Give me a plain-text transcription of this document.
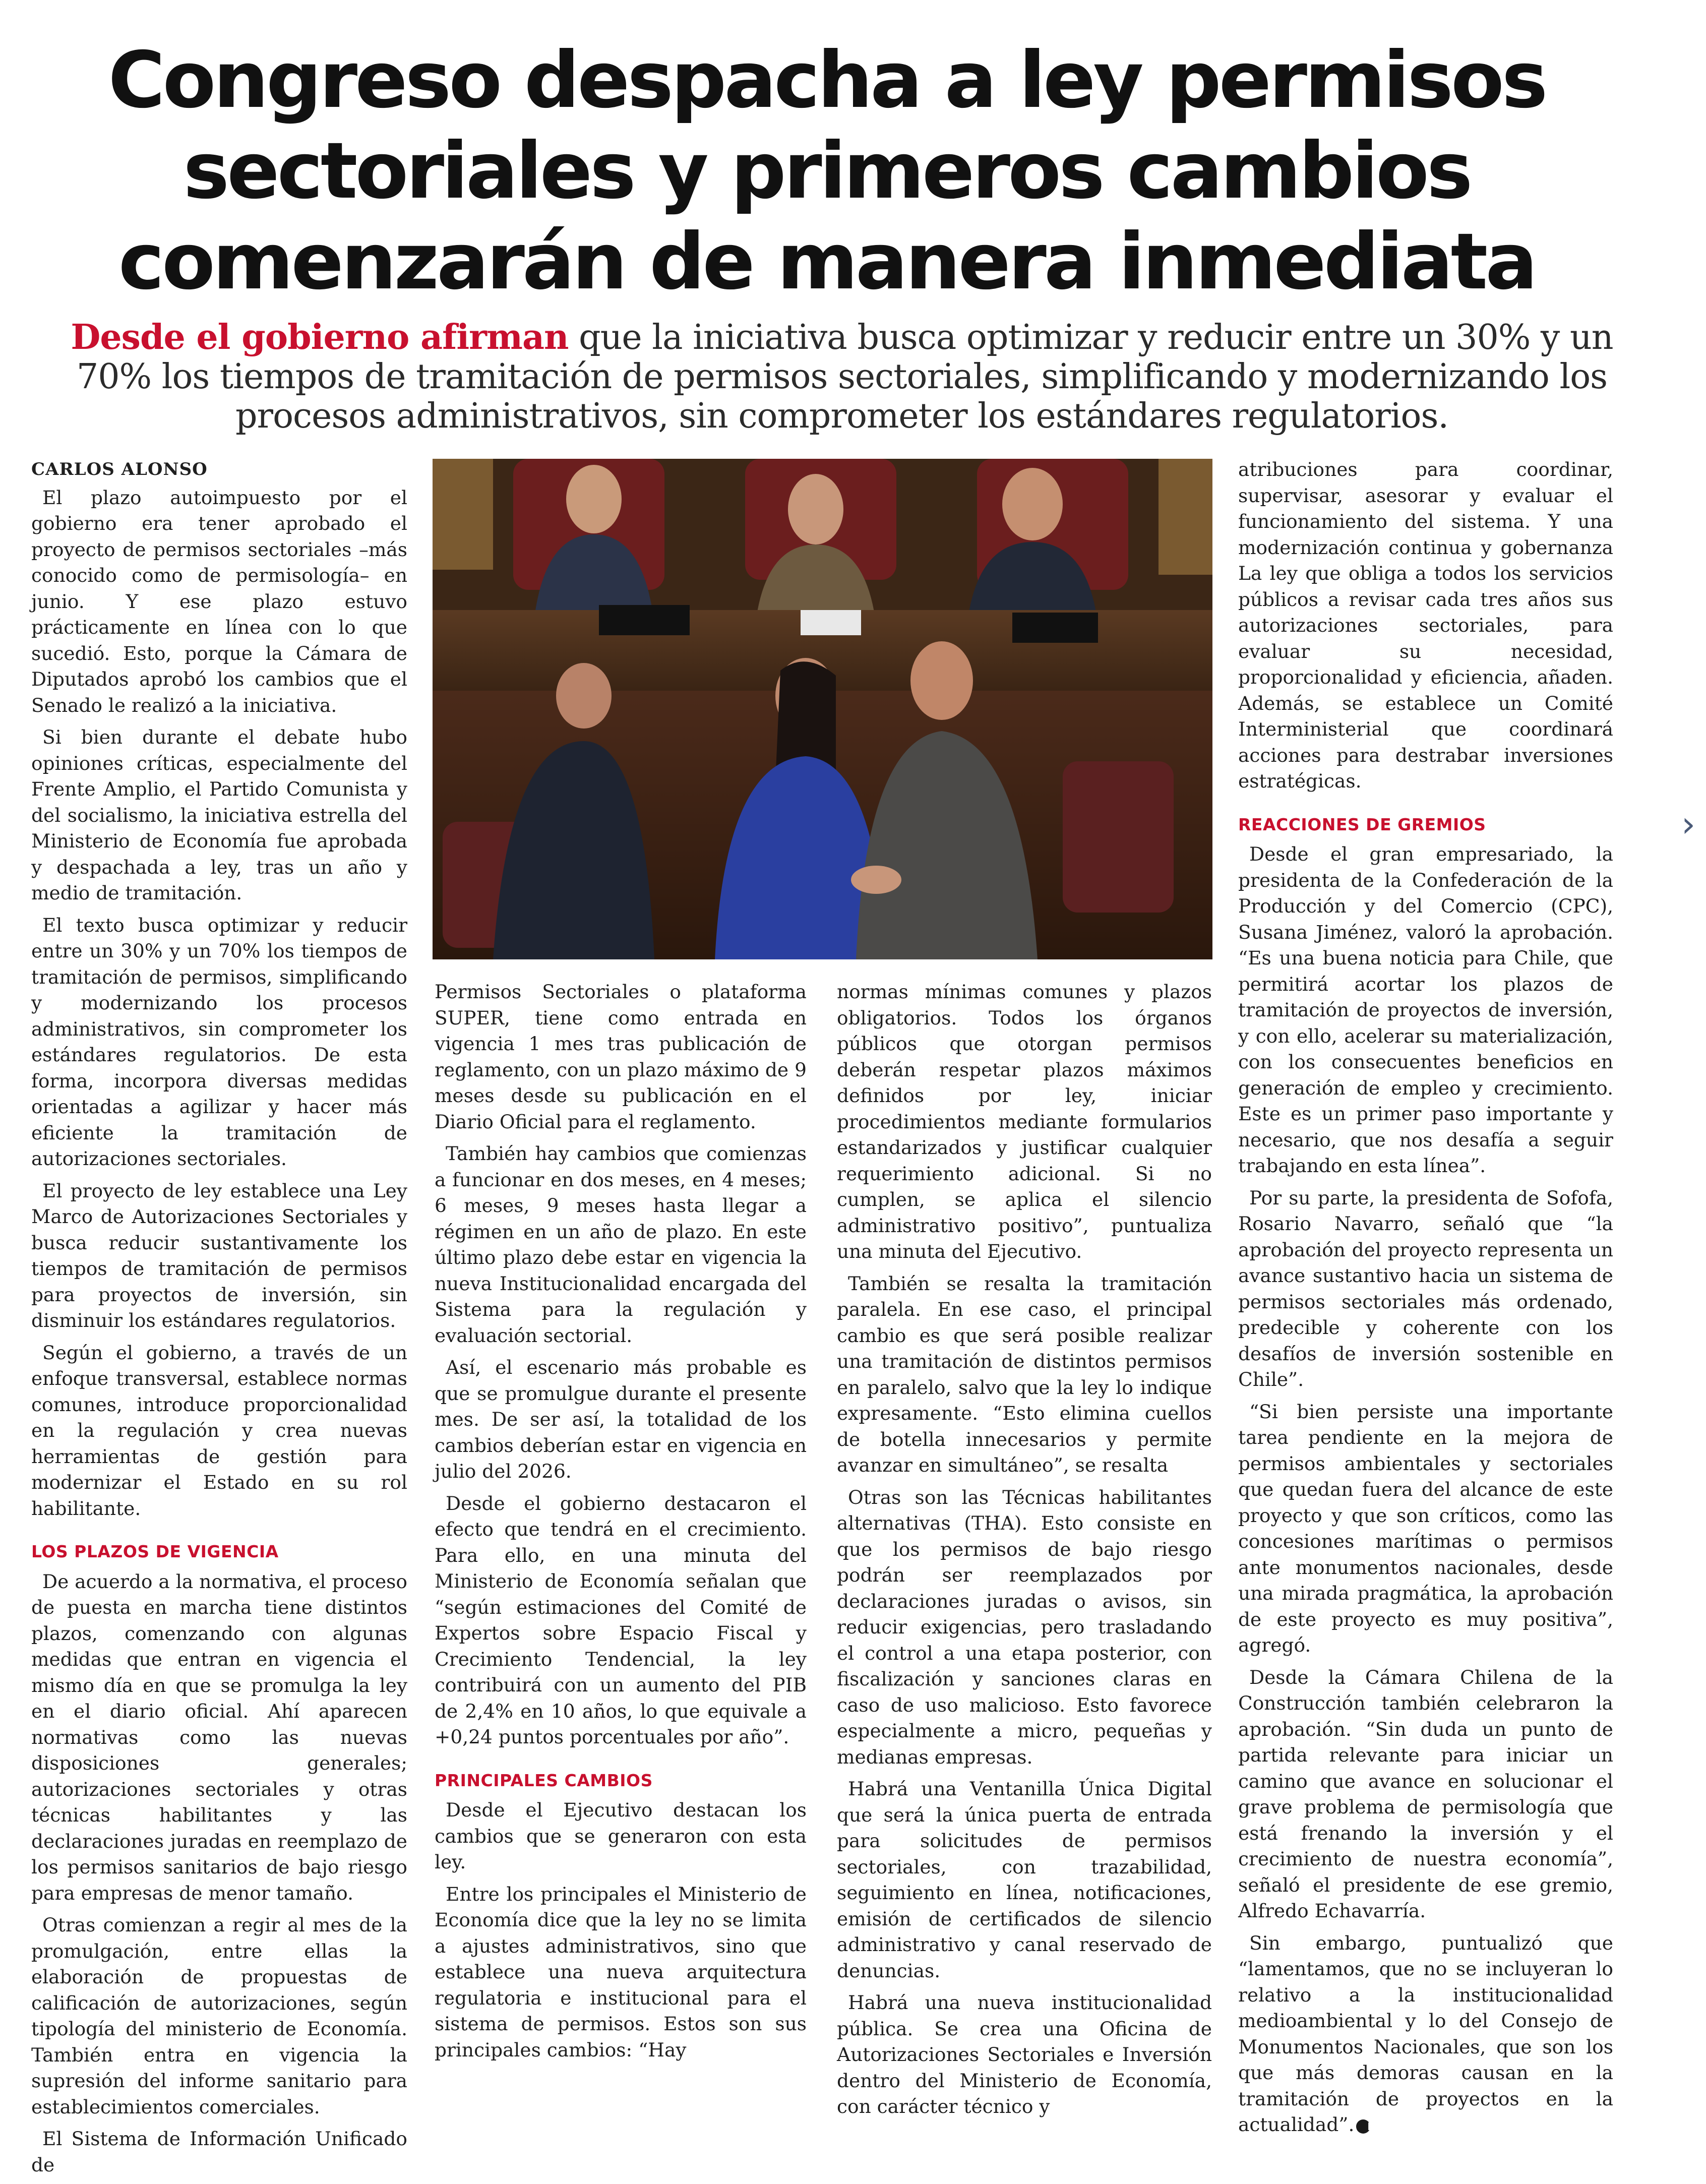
Congreso despacha a ley permisos sectoriales y primeros cambios comenzarán de manera inmediata

Desde el gobierno afirman que la iniciativa busca optimizar y reducir entre un 30% y un 70% los tiempos de tramitación de permisos sectoriales, simplificando y modernizando los procesos administrativos, sin comprometer los estándares regulatorios.

CARLOS ALONSO

El plazo autoimpuesto por el gobierno era tener aprobado el proyecto de permisos sectoriales –más conocido como de permisología– en junio. Y ese plazo estuvo prácticamente en línea con lo que sucedió. Esto, porque la Cámara de Diputados aprobó los cambios que el Senado le realizó a la iniciativa.

Si bien durante el debate hubo opiniones críticas, especialmente del Frente Amplio, el Partido Comunista y del socialismo, la iniciativa estrella del Ministerio de Economía fue aprobada y despachada a ley, tras un año y medio de tramitación.

El texto busca optimizar y reducir entre un 30% y un 70% los tiempos de tramitación de permisos, simplificando y modernizando los procesos administrativos, sin comprometer los estándares regulatorios. De esta forma, incorpora diversas medidas orientadas a agilizar y hacer más eficiente la tramitación de autorizaciones sectoriales.

El proyecto de ley establece una Ley Marco de Autorizaciones Sectoriales y busca reducir sustantivamente los tiempos de tramitación de permisos para proyectos de inversión, sin disminuir los estándares regulatorios.

Según el gobierno, a través de un enfoque transversal, establece normas comunes, introduce proporcionalidad en la regulación y crea nuevas herramientas de gestión para modernizar el Estado en su rol habilitante.

LOS PLAZOS DE VIGENCIA

De acuerdo a la normativa, el proceso de puesta en marcha tiene distintos plazos, comenzando con algunas medidas que entran en vigencia el mismo día en que se promulga la ley en el diario oficial. Ahí aparecen normativas como las nuevas disposiciones generales; autorizaciones sectoriales y otras técnicas habilitantes y las declaraciones juradas en reemplazo de los permisos sanitarios de bajo riesgo para empresas de menor tamaño.

Otras comienzan a regir al mes de la promulgación, entre ellas la elaboración de propuestas de calificación de autorizaciones, según tipología del ministerio de Economía. También entra en vigencia la supresión del informe sanitario para establecimientos comerciales.

El Sistema de Información Unificado de

Permisos Sectoriales o plataforma SUPER, tiene como entrada en vigencia 1 mes tras publicación de reglamento, con un plazo máximo de 9 meses desde su publicación en el Diario Oficial para el reglamento.

También hay cambios que comienzas a funcionar en dos meses, en 4 meses; 6 meses, 9 meses hasta llegar a régimen en un año de plazo. En este último plazo debe estar en vigencia la nueva Institucionalidad encargada del Sistema para la regulación y evaluación sectorial.

Así, el escenario más probable es que se promulgue durante el presente mes. De ser así, la totalidad de los cambios deberían estar en vigencia en julio del 2026.

Desde el gobierno destacaron el efecto que tendrá en el crecimiento. Para ello, en una minuta del Ministerio de Economía señalan que “según estimaciones del Comité de Expertos sobre Espacio Fiscal y Crecimiento Tendencial, la ley contribuirá con un aumento del PIB de 2,4% en 10 años, lo que equivale a +0,24 puntos porcentuales por año”.

PRINCIPALES CAMBIOS

Desde el Ejecutivo destacan los cambios que se generaron con esta ley.

Entre los principales el Ministerio de Economía dice que la ley no se limita a ajustes administrativos, sino que establece una nueva arquitectura regulatoria e institucional para el sistema de permisos. Estos son sus principales cambios: “Hay

normas mínimas comunes y plazos obligatorios. Todos los órganos públicos que otorgan permisos deberán respetar plazos máximos definidos por ley, iniciar procedimientos mediante formularios estandarizados y justificar cualquier requerimiento adicional. Si no cumplen, se aplica el silencio administrativo positivo”, puntualiza una minuta del Ejecutivo.

También se resalta la tramitación paralela. En ese caso, el principal cambio es que será posible realizar una tramitación de distintos permisos en paralelo, salvo que la ley lo indique expresamente. “Esto elimina cuellos de botella innecesarios y permite avanzar en simultáneo”, se resalta

Otras son las Técnicas habilitantes alternativas (THA). Esto consiste en que los permisos de bajo riesgo podrán ser reemplazados por declaraciones juradas o avisos, sin reducir exigencias, pero trasladando el control a una etapa posterior, con fiscalización y sanciones claras en caso de uso malicioso. Esto favorece especialmente a micro, pequeñas y medianas empresas.

Habrá una Ventanilla Única Digital que será la única puerta de entrada para solicitudes de permisos sectoriales, con trazabilidad, seguimiento en línea, notificaciones, emisión de certificados de silencio administrativo y canal reservado de denuncias.

Habrá una nueva institucionalidad pública. Se crea una Oficina de Autorizaciones Sectoriales e Inversión dentro del Ministerio de Economía, con carácter técnico y

atribuciones para coordinar, supervisar, asesorar y evaluar el funcionamiento del sistema. Y una modernización continua y gobernanza La ley que obliga a todos los servicios públicos a revisar cada tres años sus autorizaciones sectoriales, para evaluar su necesidad, proporcionalidad y eficiencia, añaden. Además, se establece un Comité Interministerial que coordinará acciones para destrabar inversiones estratégicas.

REACCIONES DE GREMIOS

Desde el gran empresariado, la presidenta de la Confederación de la Producción y del Comercio (CPC), Susana Jiménez, valoró la aprobación. “Es una buena noticia para Chile, que permitirá acortar los plazos de tramitación de proyectos de inversión, y con ello, acelerar su materialización, con los consecuentes beneficios en generación de empleo y crecimiento. Este es un primer paso importante y necesario, que nos desafía a seguir trabajando en esta línea”.

Por su parte, la presidenta de Sofofa, Rosario Navarro, señaló que “la aprobación del proyecto representa un avance sustantivo hacia un sistema de permisos sectoriales más ordenado, predecible y coherente con los desafíos de inversión sostenible en Chile”.

“Si bien persiste una importante tarea pendiente en la mejora de permisos ambientales y sectoriales que quedan fuera del alcance de este proyecto y que son críticos, como las concesiones marítimas o permisos ante monumentos nacionales, desde una mirada pragmática, la aprobación de este proyecto es muy positiva”, agregó.

Desde la Cámara Chilena de la Construcción también celebraron la aprobación. “Sin duda un punto de partida relevante para iniciar un camino que avance en solucionar el grave problema de permisología que está frenando la inversión y el crecimiento de nuestra economía”, señaló el presidente de ese gremio, Alfredo Echavarría.

Sin embargo, puntualizó que “lamentamos, que no se incluyeran lo relativo a la institucionalidad medioambiental y lo del Consejo de Monumentos Nacionales, que son los que más demoras causan en la tramitación de proyectos en la actualidad”. P

›
